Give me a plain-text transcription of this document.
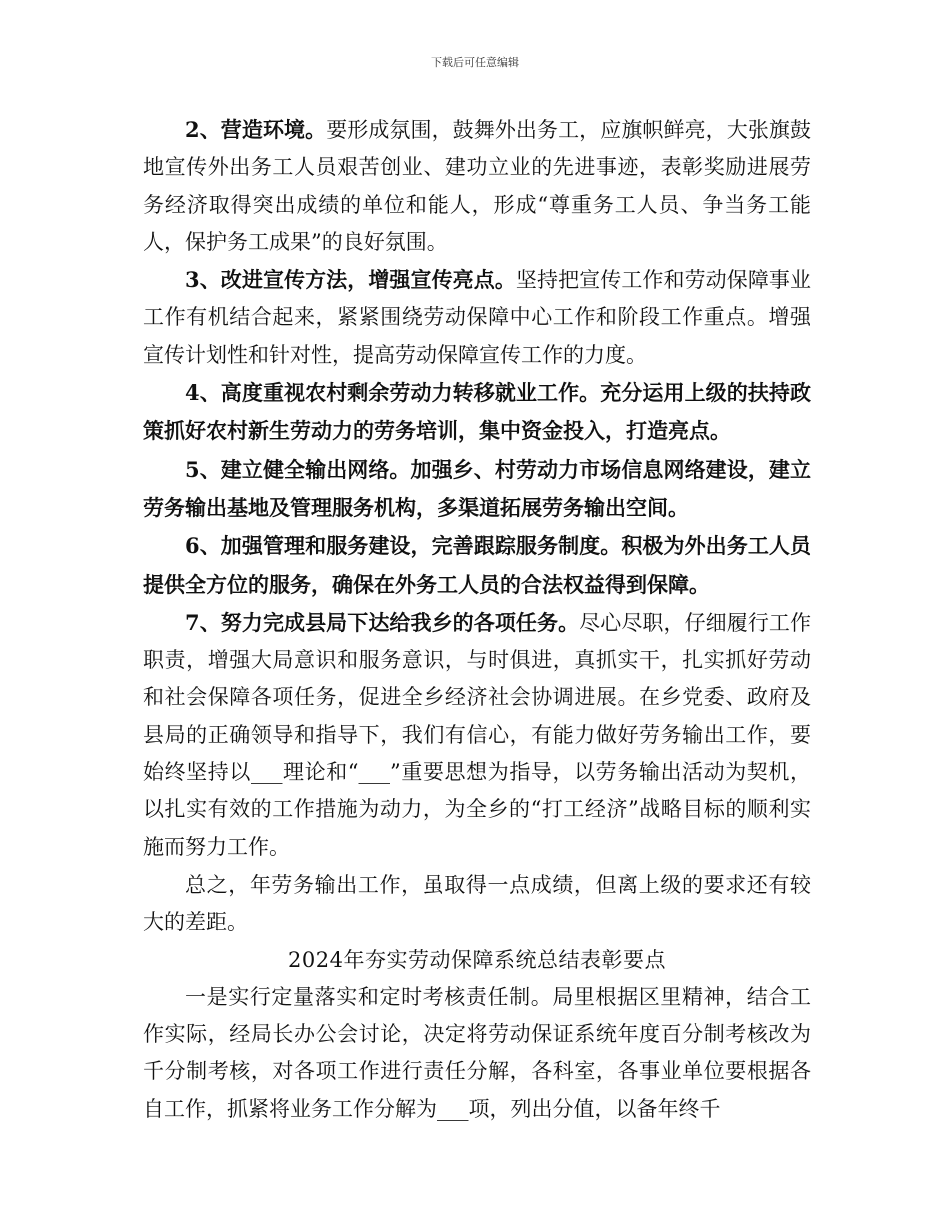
下载后可任意编辑

2、营造环境。要形成氛围，鼓舞外出务工，应旗帜鲜亮，大张旗鼓地宣传外出务工人员艰苦创业、建功立业的先进事迹，表彰奖励进展劳务经济取得突出成绩的单位和能人，形成“尊重务工人员、争当务工能人，保护务工成果”的良好氛围。

3、改进宣传方法，增强宣传亮点。坚持把宣传工作和劳动保障事业工作有机结合起来，紧紧围绕劳动保障中心工作和阶段工作重点。增强宣传计划性和针对性，提高劳动保障宣传工作的力度。

4、高度重视农村剩余劳动力转移就业工作。充分运用上级的扶持政策抓好农村新生劳动力的劳务培训，集中资金投入，打造亮点。

5、建立健全输出网络。加强乡、村劳动力市场信息网络建设，建立劳务输出基地及管理服务机构，多渠道拓展劳务输出空间。

6、加强管理和服务建设，完善跟踪服务制度。积极为外出务工人员提供全方位的服务，确保在外务工人员的合法权益得到保障。

7、努力完成县局下达给我乡的各项任务。尽心尽职，仔细履行工作职责，增强大局意识和服务意识，与时俱进，真抓实干，扎实抓好劳动和社会保障各项任务，促进全乡经济社会协调进展。在乡党委、政府及县局的正确领导和指导下，我们有信心，有能力做好劳务输出工作，要始终坚持以___理论和“___”重要思想为指导，以劳务输出活动为契机，以扎实有效的工作措施为动力，为全乡的“打工经济”战略目标的顺利实施而努力工作。

总之，年劳务输出工作，虽取得一点成绩，但离上级的要求还有较大的差距。

2024年夯实劳动保障系统总结表彰要点

一是实行定量落实和定时考核责任制。局里根据区里精神，结合工作实际，经局长办公会讨论，决定将劳动保证系统年度百分制考核改为千分制考核，对各项工作进行责任分解，各科室，各事业单位要根据各自工作，抓紧将业务工作分解为___项，列出分值，以备年终千
